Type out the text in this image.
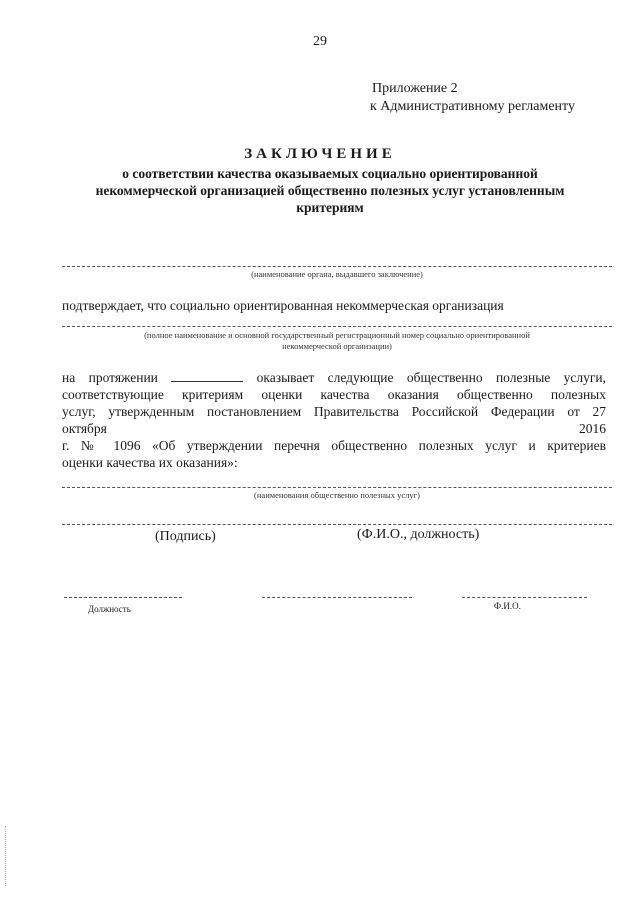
29
Приложение 2
к Административному регламенту
ЗАКЛЮЧЕНИЕ
о соответствии качества оказываемых социально ориентированной
некоммерческой организацией общественно полезных услуг установленным
критериям
(наименование органа, выдавшего заключение)
подтверждает, что социально ориентированная некоммерческая организация
(полное наименование и основной государственный регистрационный номер социально ориентированной
некоммерческой организации)
на протяжении	оказывает следующие общественно полезные услуги,
соответствующие критериям оценки качества оказания общественно полезных
услуг, утвержденным постановлением Правительства Российской Федерации от 27
октября	2016
г. № 1096 «Об утверждении перечня общественно полезных услуг и критериев
оценки качества их оказания»:
(наименования общественно полезных услуг)
(Подпись)	(Ф.И.О., должность)
Должность	Ф.И.О.
